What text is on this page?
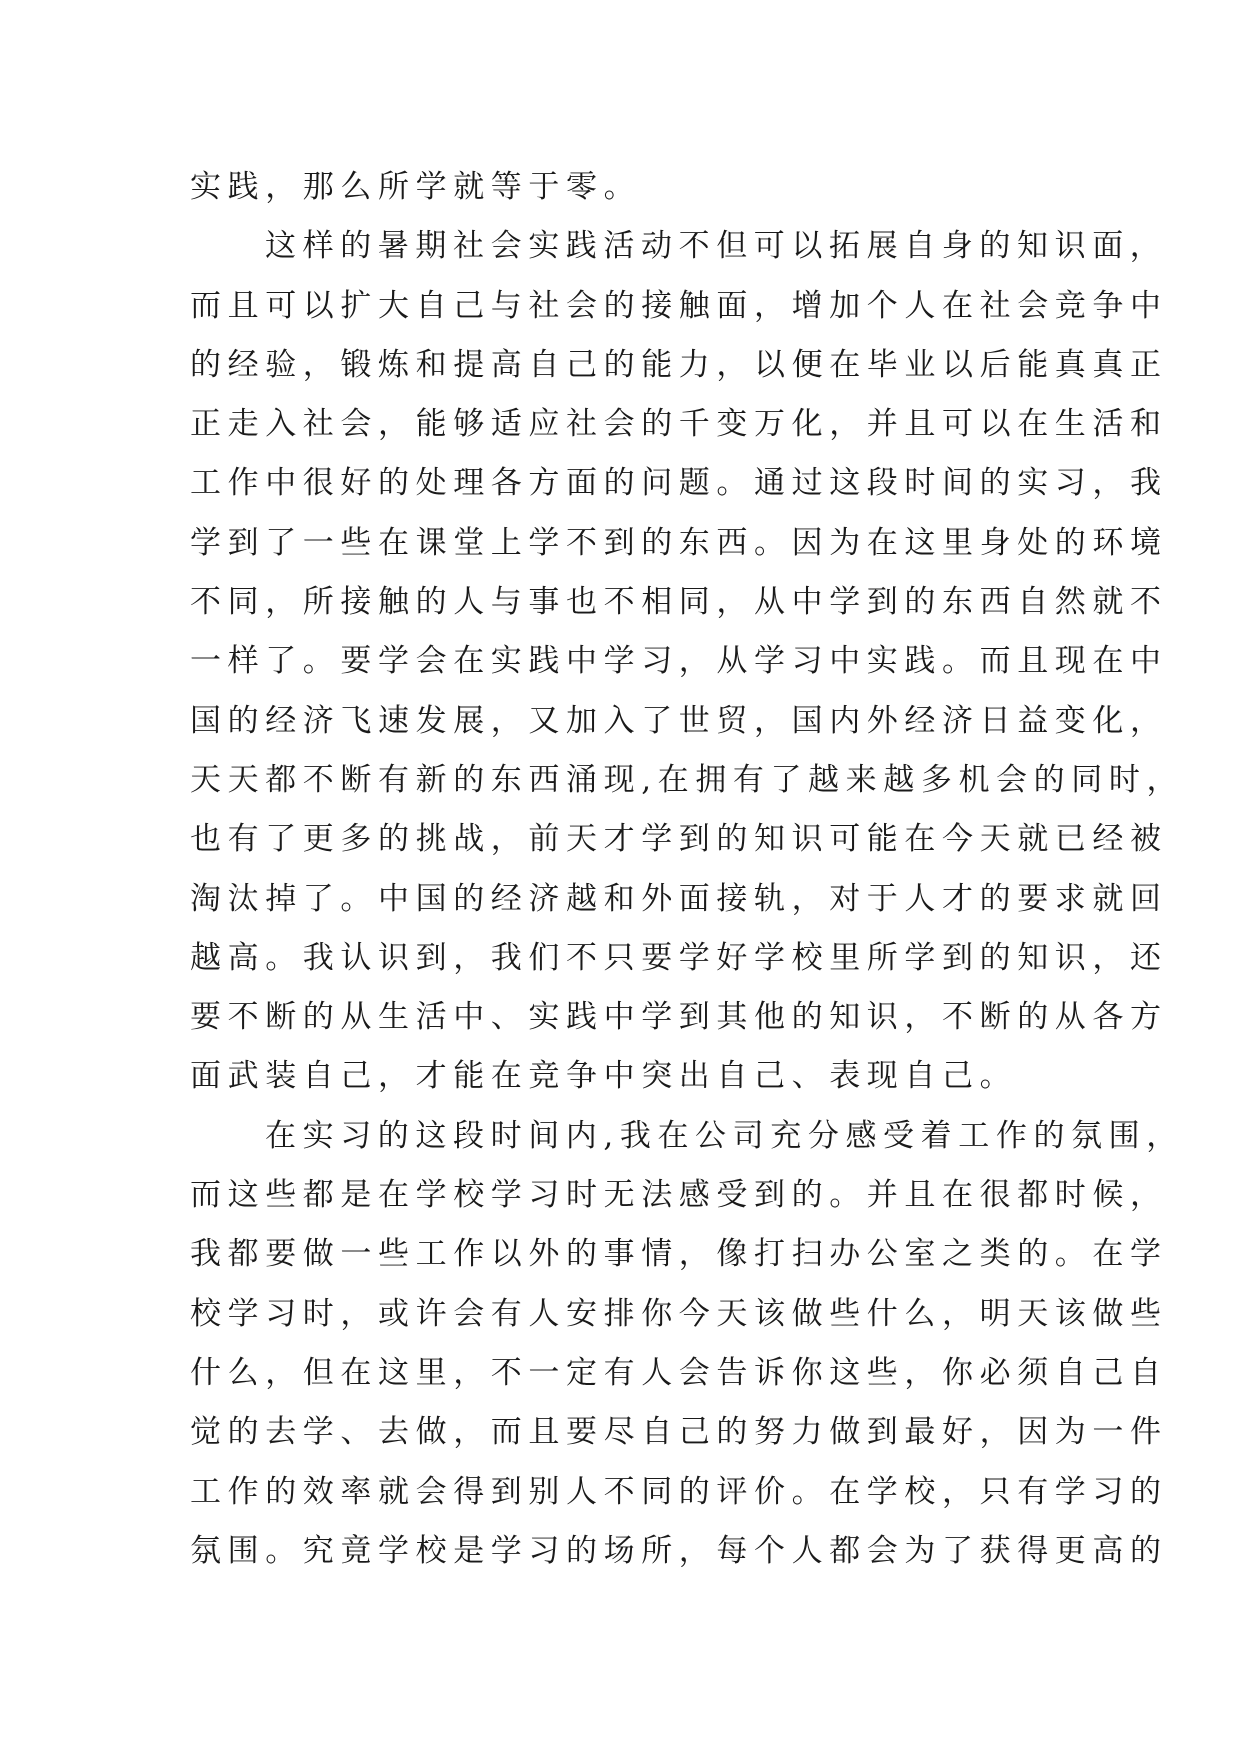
实践，那么所学就等于零。
这样的暑期社会实践活动不但可以拓展自身的知识面，
而且可以扩大自己与社会的接触面，增加个人在社会竞争中
的经验，锻炼和提高自己的能力，以便在毕业以后能真真正
正走入社会，能够适应社会的千变万化，并且可以在生活和
工作中很好的处理各方面的问题。通过这段时间的实习，我
学到了一些在课堂上学不到的东西。因为在这里身处的环境
不同，所接触的人与事也不相同，从中学到的东西自然就不
一样了。要学会在实践中学习，从学习中实践。而且现在中
国的经济飞速发展，又加入了世贸，国内外经济日益变化，
天天都不断有新的东西涌现,在拥有了越来越多机会的同时，
也有了更多的挑战，前天才学到的知识可能在今天就已经被
淘汰掉了。中国的经济越和外面接轨，对于人才的要求就回
越高。我认识到，我们不只要学好学校里所学到的知识，还
要不断的从生活中、实践中学到其他的知识，不断的从各方
面武装自己，才能在竞争中突出自己、表现自己。
在实习的这段时间内,我在公司充分感受着工作的氛围，
而这些都是在学校学习时无法感受到的。并且在很都时候，
我都要做一些工作以外的事情，像打扫办公室之类的。在学
校学习时，或许会有人安排你今天该做些什么，明天该做些
什么，但在这里，不一定有人会告诉你这些，你必须自己自
觉的去学、去做，而且要尽自己的努力做到最好，因为一件
工作的效率就会得到别人不同的评价。在学校，只有学习的
氛围。究竟学校是学习的场所，每个人都会为了获得更高的
